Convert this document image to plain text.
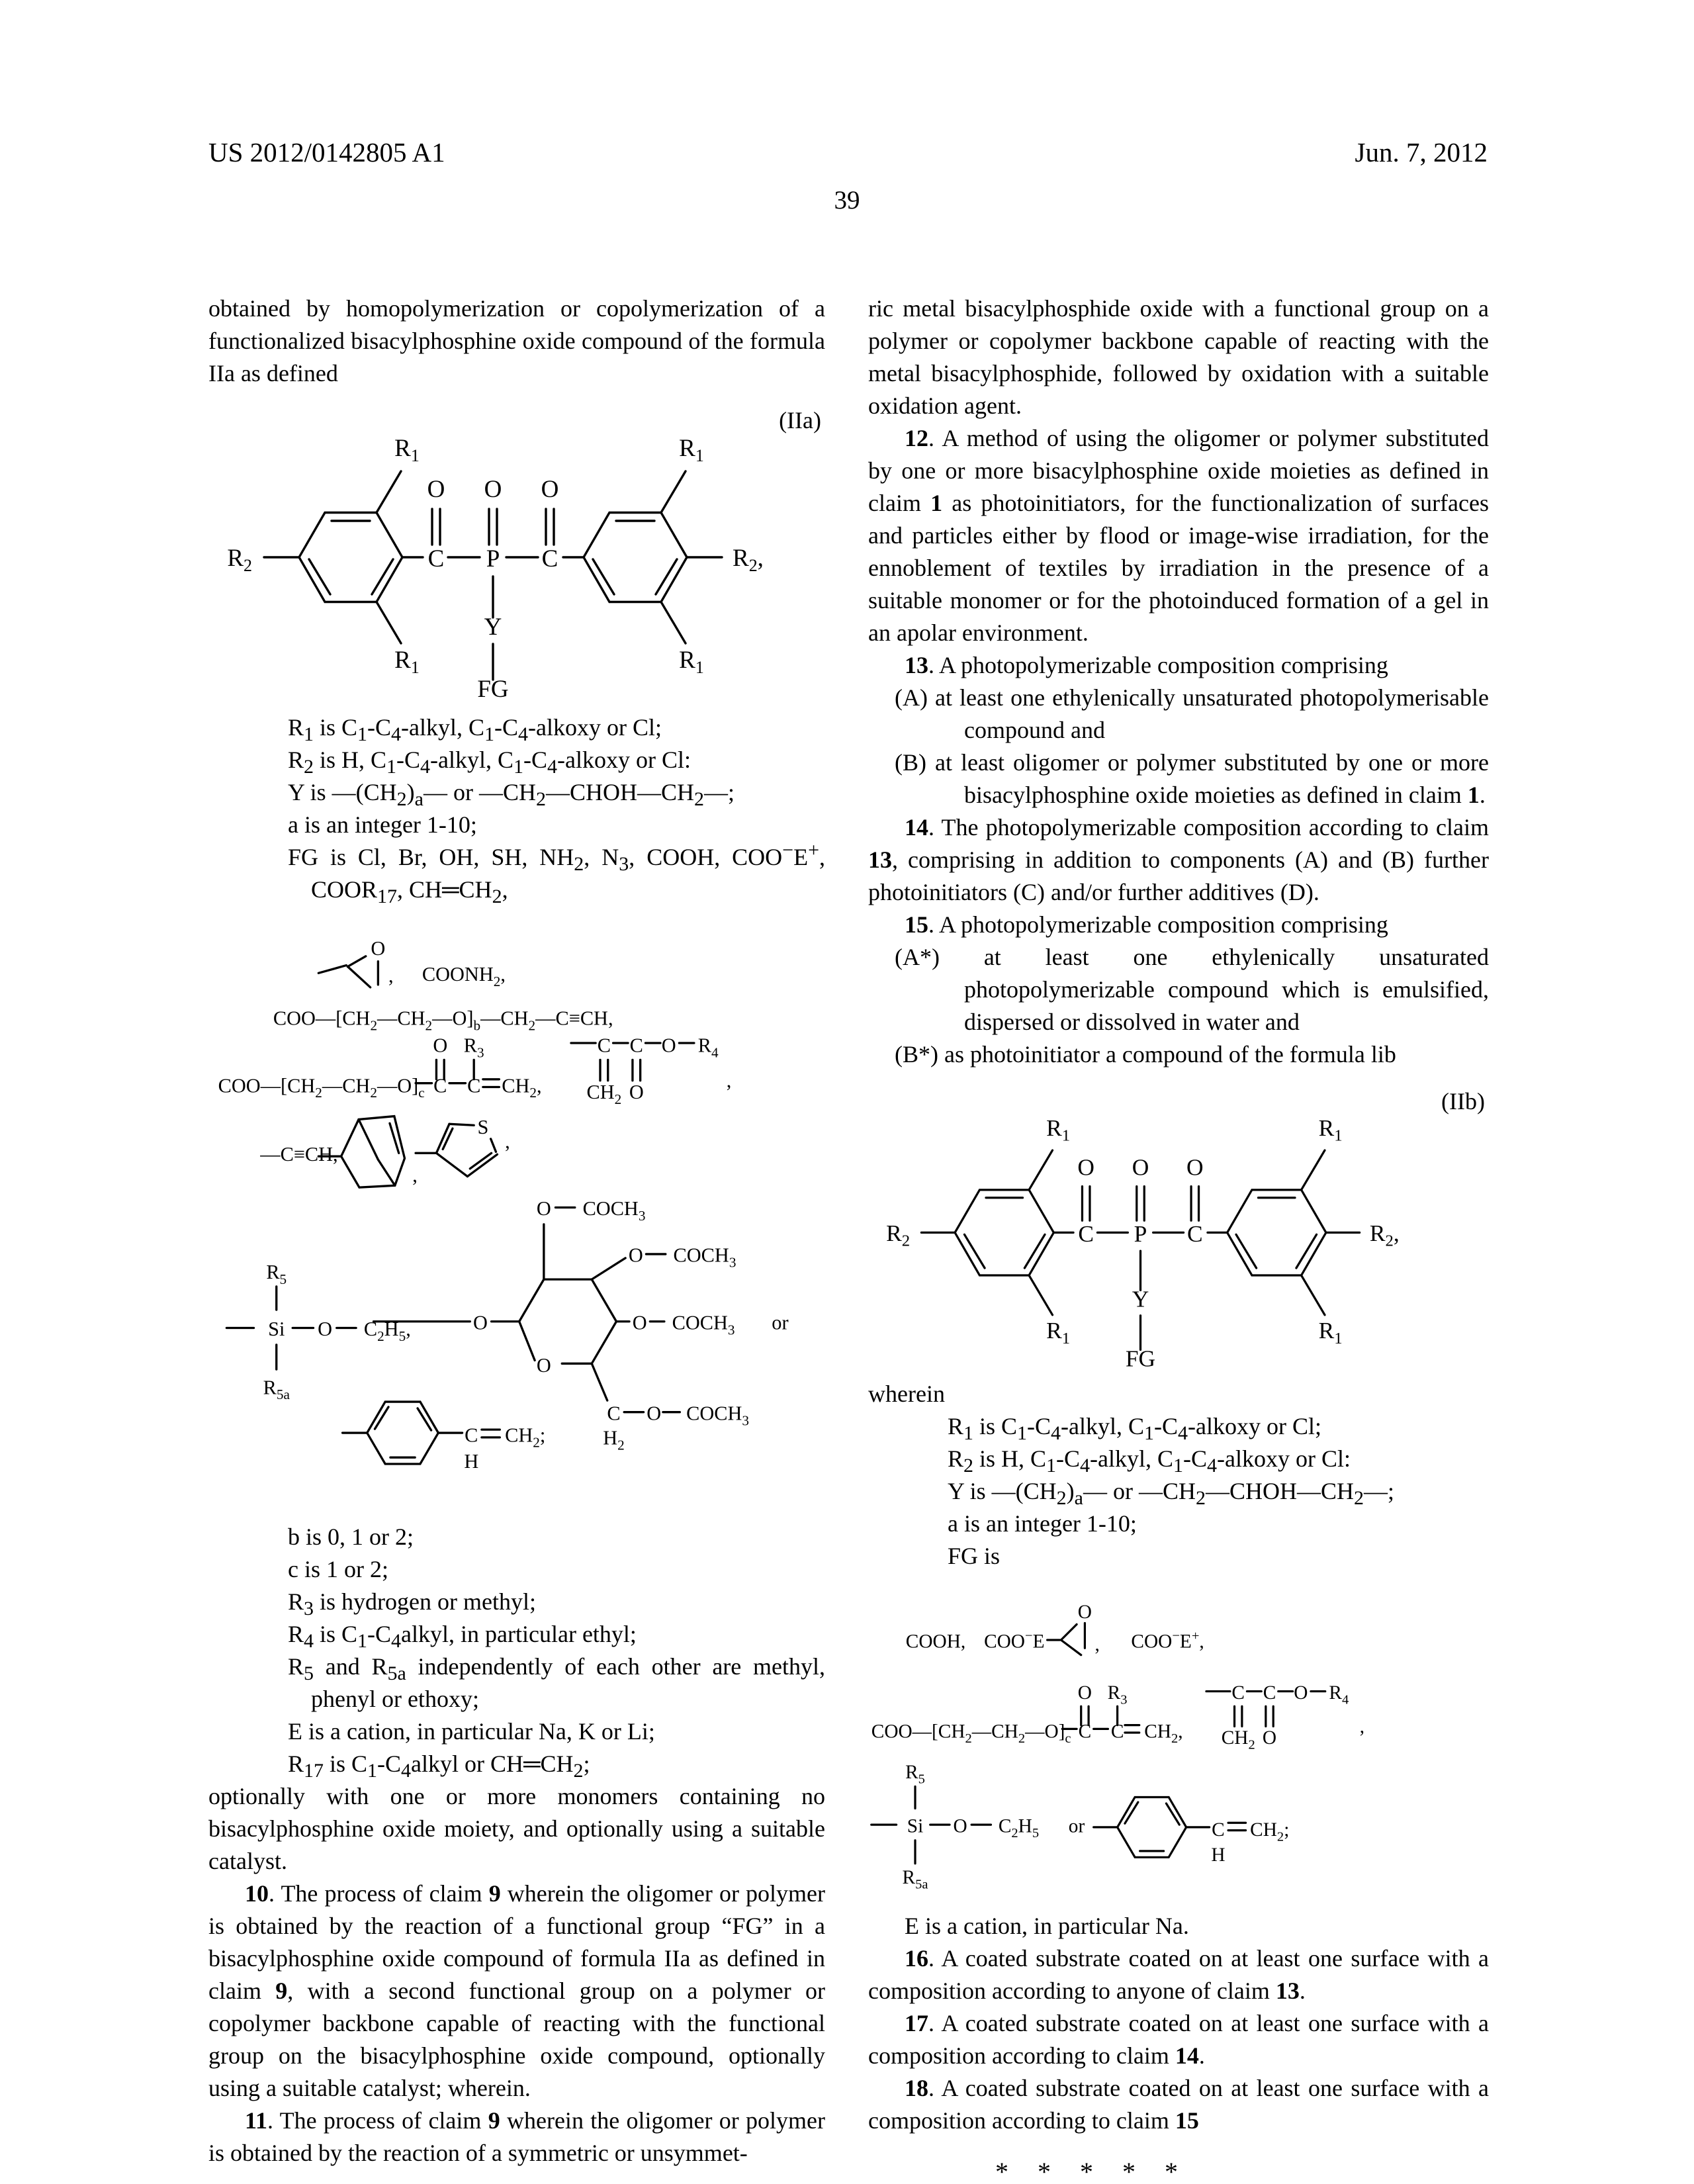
US 2012/0142805 A1	Jun. 7, 2012
39

obtained by homopolymerization or copolymerization of a functionalized bisacylphosphine oxide compound of the formula IIa as defined

(IIa)
$R_1$	$R_1$
$R_1$	$R_1$
$R_2$	$R_2$,
O O O
C P C
Y
FG
$R_1$ is $C_1-C_4$-alkyl, $C_1-C_4$-alkoxy or Cl;
$R_2$ is H, $C_1-C_4$-alkyl, $C_1-C_4$-alkoxy or Cl:
Y is $—(CH_2)_a—$ or $—CH_2—CHOH—CH_2—$;
a is an integer 1-10;
FG is Cl, Br, OH, SH, $NH_2$, $N_3$, COOH, COO−E+, $COOR_{17}$, $CH═CH_2$,
O
, $COONH_2$,
$COO—[CH_2—CH_2—O]_b—CH_2—C\equiv CH$,
O $R_3$
$COO—[CH_2—CH_2—O]_c$ C C $CH_2$,
C C O $R_4$
$CH_2$ O
,
—C≡CH,
,
S
,
$R_5$
Si O $C_2H_5$,
$R_{5a}$
O
O
O $COCH_3$
O $COCH_3$
O $COCH_3$ or
C
$H_2$
O $COCH_3$
C
H
$CH_2$;
b is 0, 1 or 2;
c is 1 or 2;
$R_3$ is hydrogen or methyl;
$R_4$ is $C_1-C_4alkyl$, in particular ethyl;
$R_5$ and $R_{5a}$ independently of each other are methyl, phenyl or ethoxy;
E is a cation, in particular Na, K or Li;
$R_{17}$ is $C_1-C_4alkyl$ or $CH═CH_2$;

optionally with one or more monomers containing no bisacylphosphine oxide moiety, and optionally using a suitable catalyst.

10. The process of claim 9 wherein the oligomer or polymer is obtained by the reaction of a functional group “FG” in a bisacylphosphine oxide compound of formula IIa as defined in claim 9, with a second functional group on a polymer or copolymer backbone capable of reacting with the functional group on the bisacylphosphine oxide compound, optionally using a suitable catalyst; wherein.

11. The process of claim 9 wherein the oligomer or polymer is obtained by the reaction of a symmetric or unsymmet-

ric metal bisacylphosphide oxide with a functional group on a polymer or copolymer backbone capable of reacting with the metal bisacylphosphide, followed by oxidation with a suitable oxidation agent.

12. A method of using the oligomer or polymer substituted by one or more bisacylphosphine oxide moieties as defined in claim 1 as photoinitiators, for the functionalization of surfaces and particles either by flood or image-wise irradiation, for the ennoblement of textiles by irradiation in the presence of a suitable monomer or for the photoinduced formation of a gel in an apolar environment.

13. A photopolymerizable composition comprising

(A) at least one ethylenically unsaturated photopolymerisable compound and
(B) at least oligomer or polymer substituted by one or more bisacylphosphine oxide moieties as defined in claim 1.

14. The photopolymerizable composition according to claim 13, comprising in addition to components (A) and (B) further photoinitiators (C) and/or further additives (D).

15. A photopolymerizable composition comprising

(A*) at least one ethylenically unsaturated photopolymerizable compound which is emulsified, dispersed or dissolved in water and
(B*) as photoinitiator a compound of the formula lib
(IIb)
$R_1$	$R_1$
$R_1$	$R_1$
$R_2$	$R_2$,
O O O
C P C
Y
FG

wherein

$R_1$ is $C_1-C_4$-alkyl, $C_1-C_4$-alkoxy or Cl;
$R_2$ is H, $C_1-C_4$-alkyl, $C_1-C_4$-alkoxy or Cl:
Y is $—(CH_2)_a—$ or $—CH_2—CHOH—CH_2—$;
a is an integer 1-10;
FG is
COOH, COO−E
O
, COO−E+,
O $R_3$
$COO—[CH_2—CH_2—O]_c$ C C $CH_2$,
C C O $R_4$
$CH_2$ O
,
$R_5$
Si O $C_2H_5$ or
$R_{5a}$
C
H
$CH_2$;

E is a cation, in particular Na.

16. A coated substrate coated on at least one surface with a composition according to anyone of claim 13.

17. A coated substrate coated on at least one surface with a composition according to claim 14.

18. A coated substrate coated on at least one surface with a composition according to claim 15

* * * * *
